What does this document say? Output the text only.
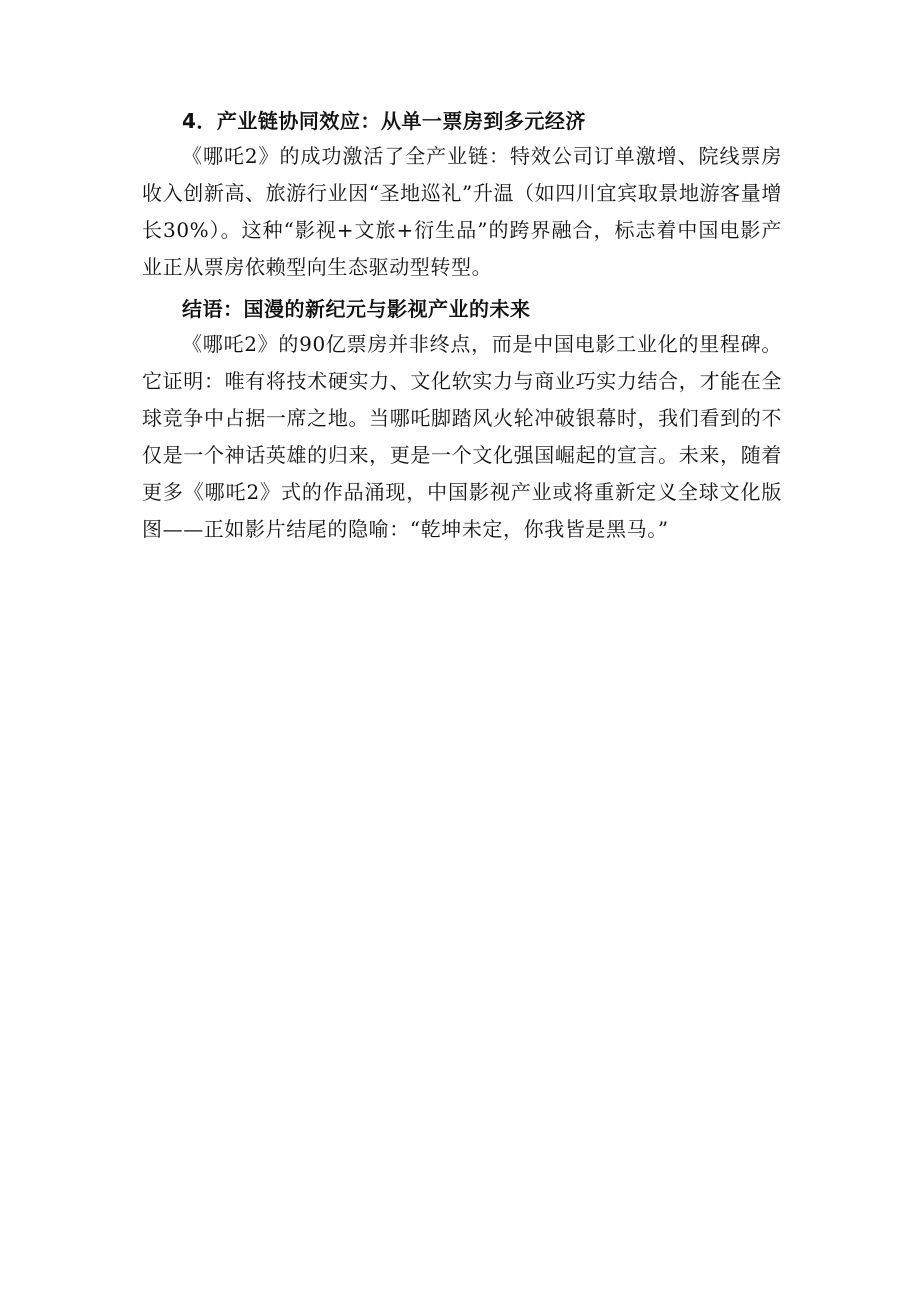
4．产业链协同效应：从单一票房到多元经济

《哪吒2》的成功激活了全产业链：特效公司订单激增、院线票房收入创新高、旅游行业因“圣地巡礼”升温（如四川宜宾取景地游客量增长30%）。这种“影视+文旅+衍生品”的跨界融合，标志着中国电影产业正从票房依赖型向生态驱动型转型。

结语：国漫的新纪元与影视产业的未来

《哪吒2》的90亿票房并非终点，而是中国电影工业化的里程碑。它证明：唯有将技术硬实力、文化软实力与商业巧实力结合，才能在全球竞争中占据一席之地。当哪吒脚踏风火轮冲破银幕时，我们看到的不仅是一个神话英雄的归来，更是一个文化强国崛起的宣言。未来，随着更多《哪吒2》式的作品涌现，中国影视产业或将重新定义全球文化版图——正如影片结尾的隐喻：“乾坤未定，你我皆是黑马。”
